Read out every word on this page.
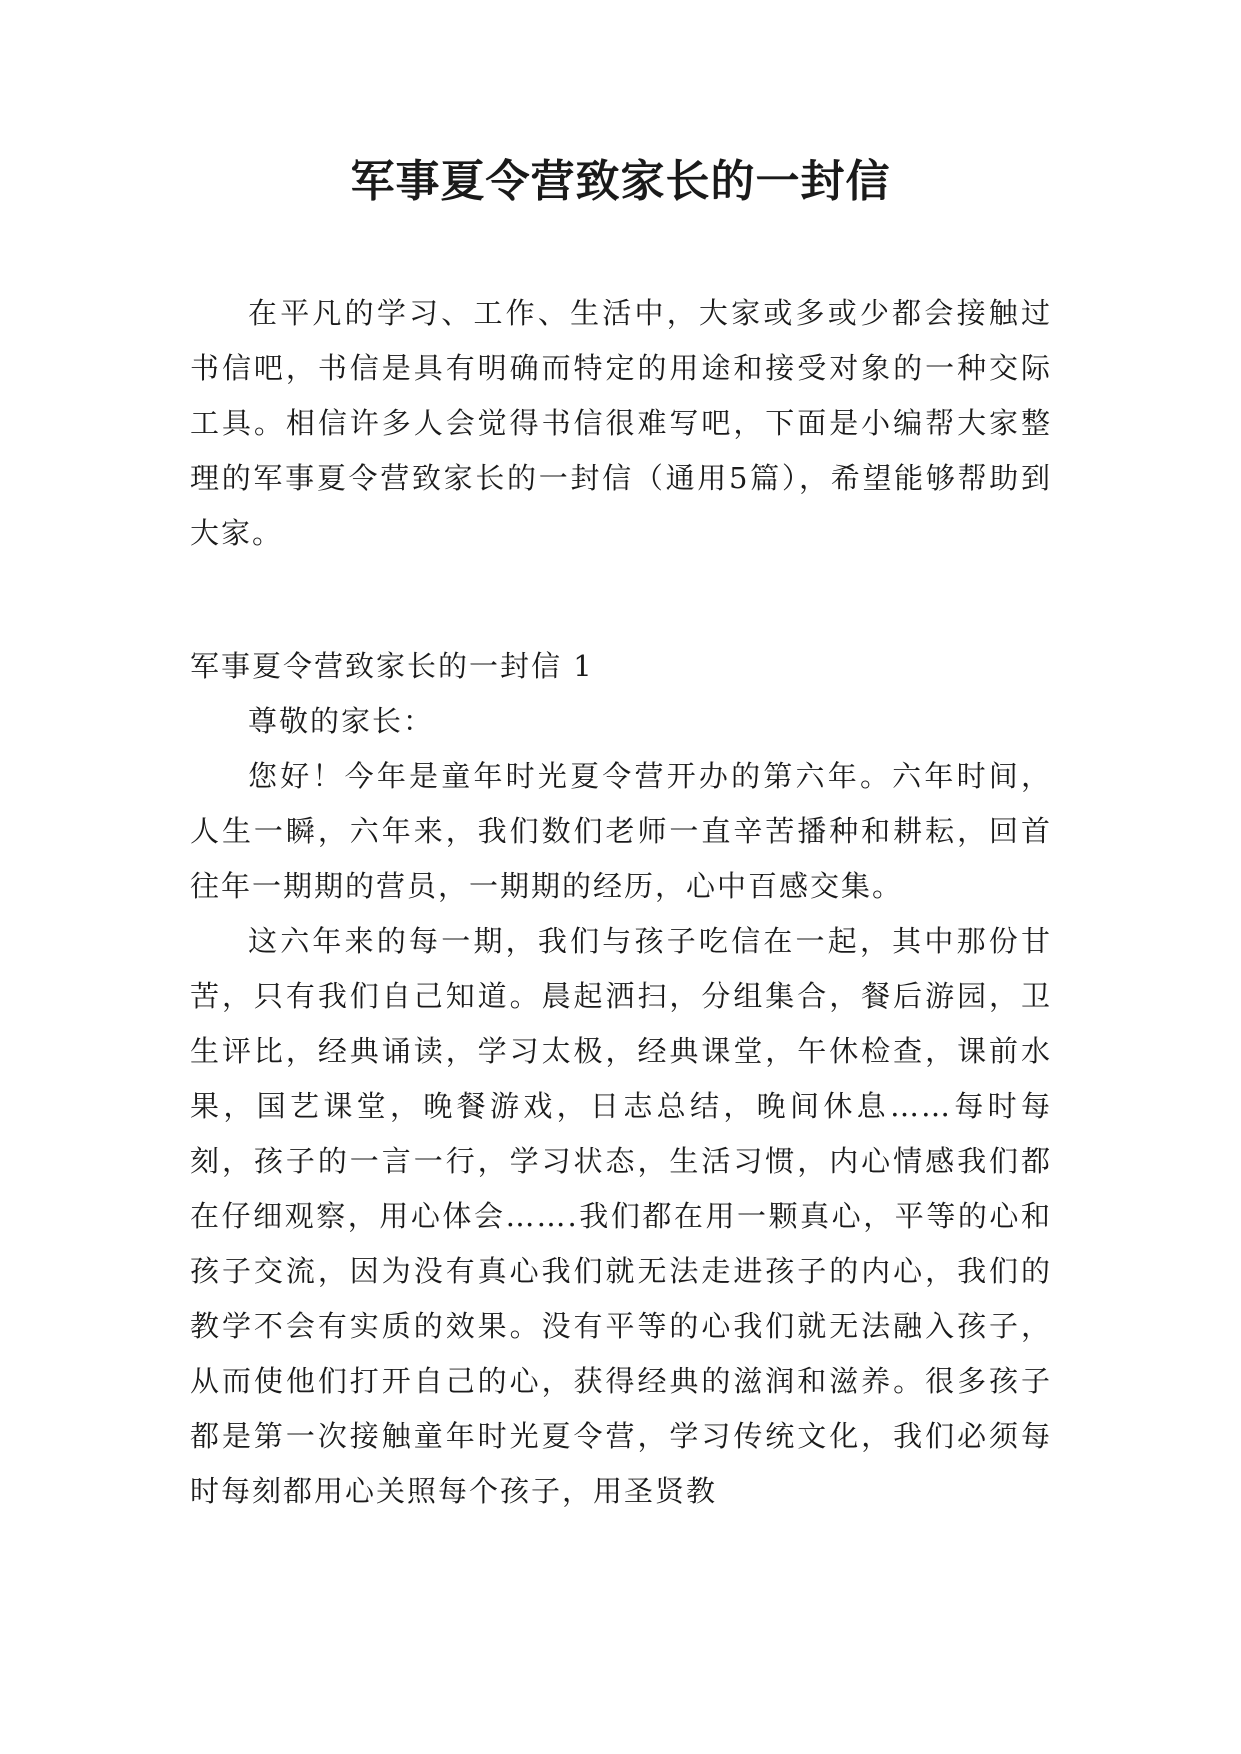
军事夏令营致家长的一封信

在平凡的学习、工作、生活中，大家或多或少都会接触过书信吧，书信是具有明确而特定的用途和接受对象的一种交际工具。相信许多人会觉得书信很难写吧，下面是小编帮大家整理的军事夏令营致家长的一封信（通用5篇），希望能够帮助到大家。

军事夏令营致家长的一封信 1

尊敬的家长：

您好！今年是童年时光夏令营开办的第六年。六年时间，人生一瞬，六年来，我们数们老师一直辛苦播种和耕耘，回首往年一期期的营员，一期期的经历，心中百感交集。

这六年来的每一期，我们与孩子吃信在一起，其中那份甘苦，只有我们自己知道。晨起洒扫，分组集合，餐后游园，卫生评比，经典诵读，学习太极，经典课堂，午休检查，课前水果，国艺课堂，晚餐游戏，日志总结，晚间休息……每时每刻，孩子的一言一行，学习状态，生活习惯，内心情感我们都在仔细观察，用心体会…….我们都在用一颗真心，平等的心和孩子交流，因为没有真心我们就无法走进孩子的内心，我们的教学不会有实质的效果。没有平等的心我们就无法融入孩子，从而使他们打开自己的心，获得经典的滋润和滋养。很多孩子都是第一次接触童年时光夏令营，学习传统文化，我们必须每时每刻都用心关照每个孩子，用圣贤教
